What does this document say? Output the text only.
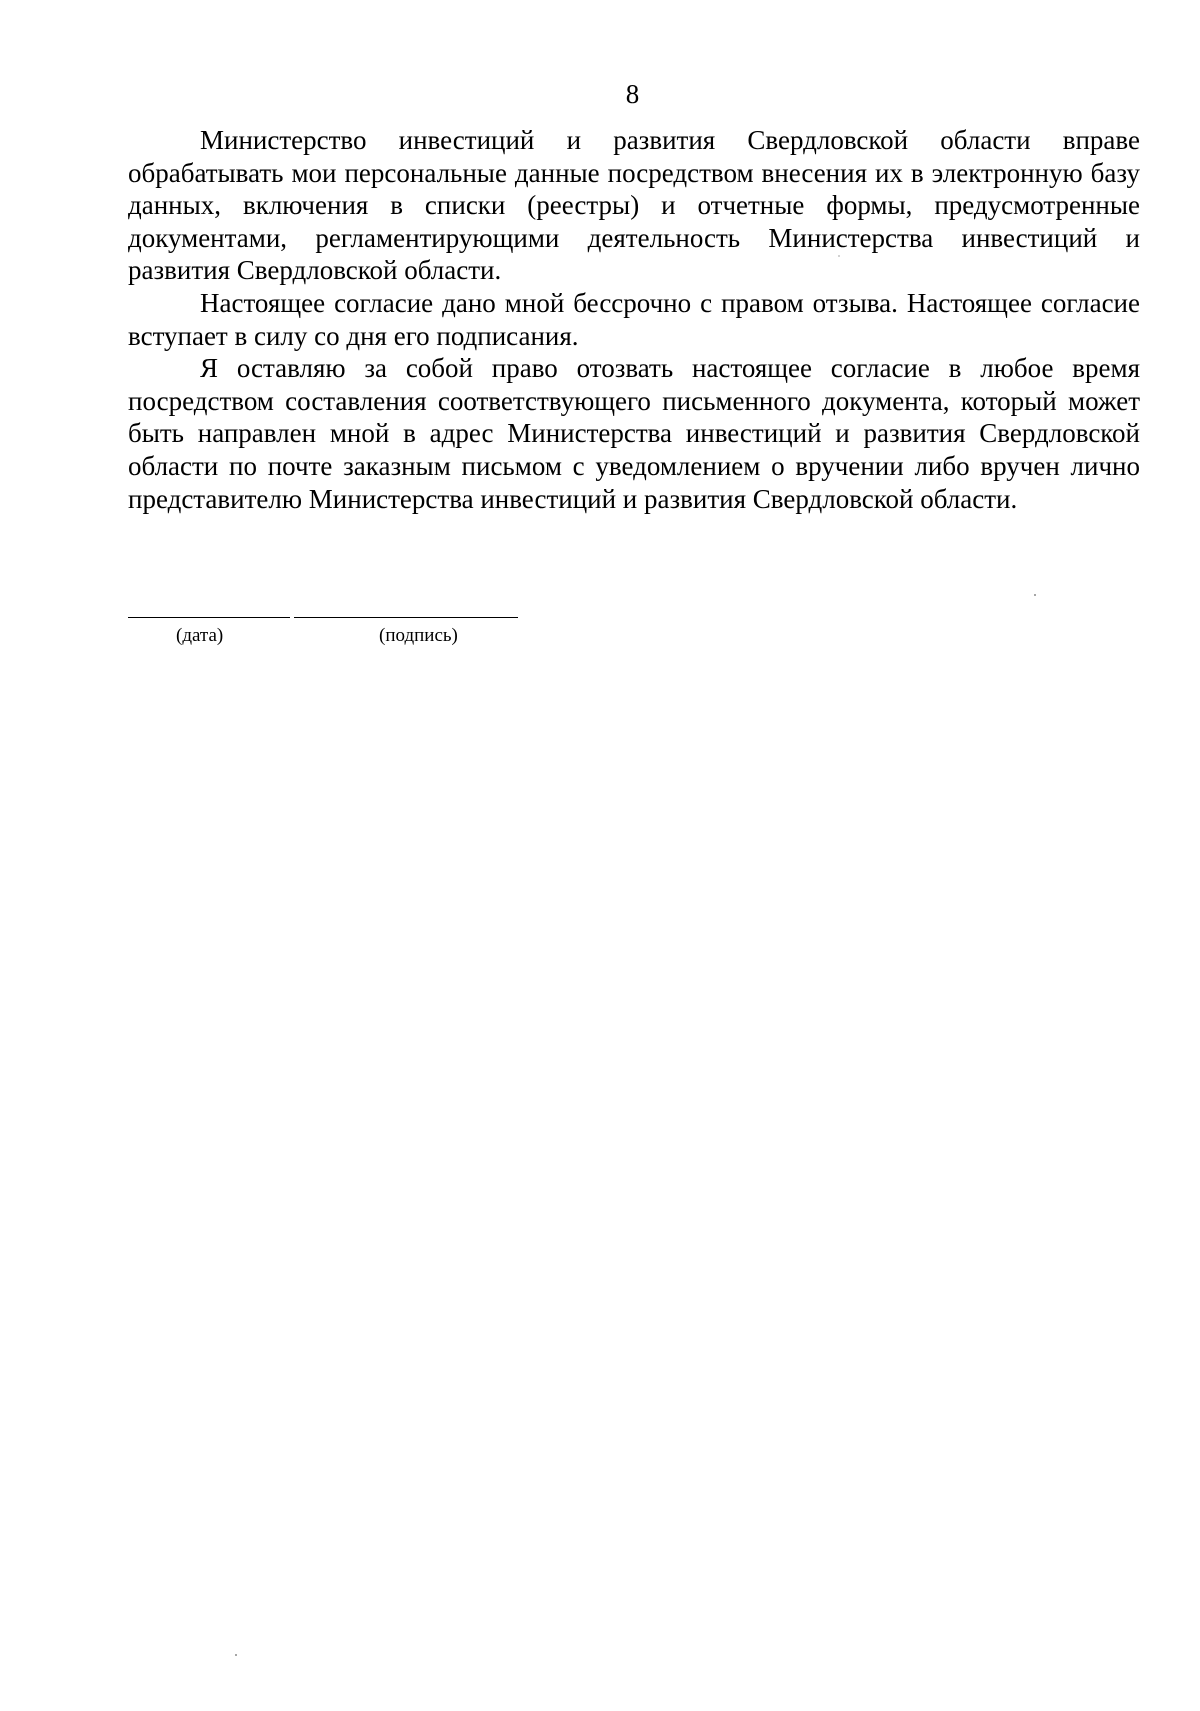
8

Министерство инвестиций и развития Свердловской области вправе обрабатывать мои персональные данные посредством внесения их в электронную базу данных, включения в списки (реестры) и отчетные формы, предусмотренные документами, регламентирующими деятельность Министерства инвестиций и развития Свердловской области.

Настоящее согласие дано мной бессрочно с правом отзыва. Настоящее согласие вступает в силу со дня его подписания.

Я оставляю за собой право отозвать настоящее согласие в любое время посредством составления соответствующего письменного документа, который может быть направлен мной в адрес Министерства инвестиций и развития Свердловской области по почте заказным письмом с уведомлением о вручении либо вручен лично представителю Министерства инвестиций и развития Свердловской области.

(дата)	(подпись)
